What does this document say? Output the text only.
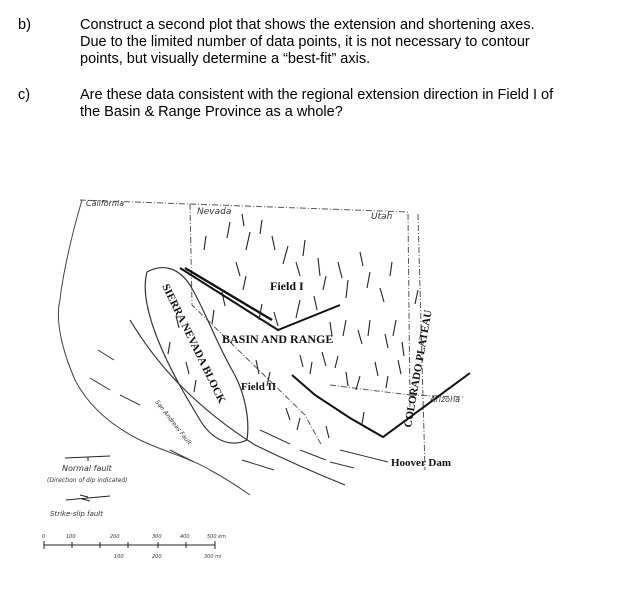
b)	Construct a second plot that shows the extension and shortening axes.
Due to the limited number of data points, it is not necessary to contour
points, but visually determine a “best-fit” axis.
c)	Are these data consistent with the regional extension direction in Field I of
the Basin & Range Province as a whole?
California
Nevada	Utah
Arizona
Field I
BASIN AND RANGE
Field II
SIERRA NEVADA BLOCK	COLORADO PLATEAU
San Andreas Fault
Hoover Dam
Normal fault
(Direction of dip indicated)
Strike-slip fault
0	100	200	300	400	500 km
100	200	300 mi
